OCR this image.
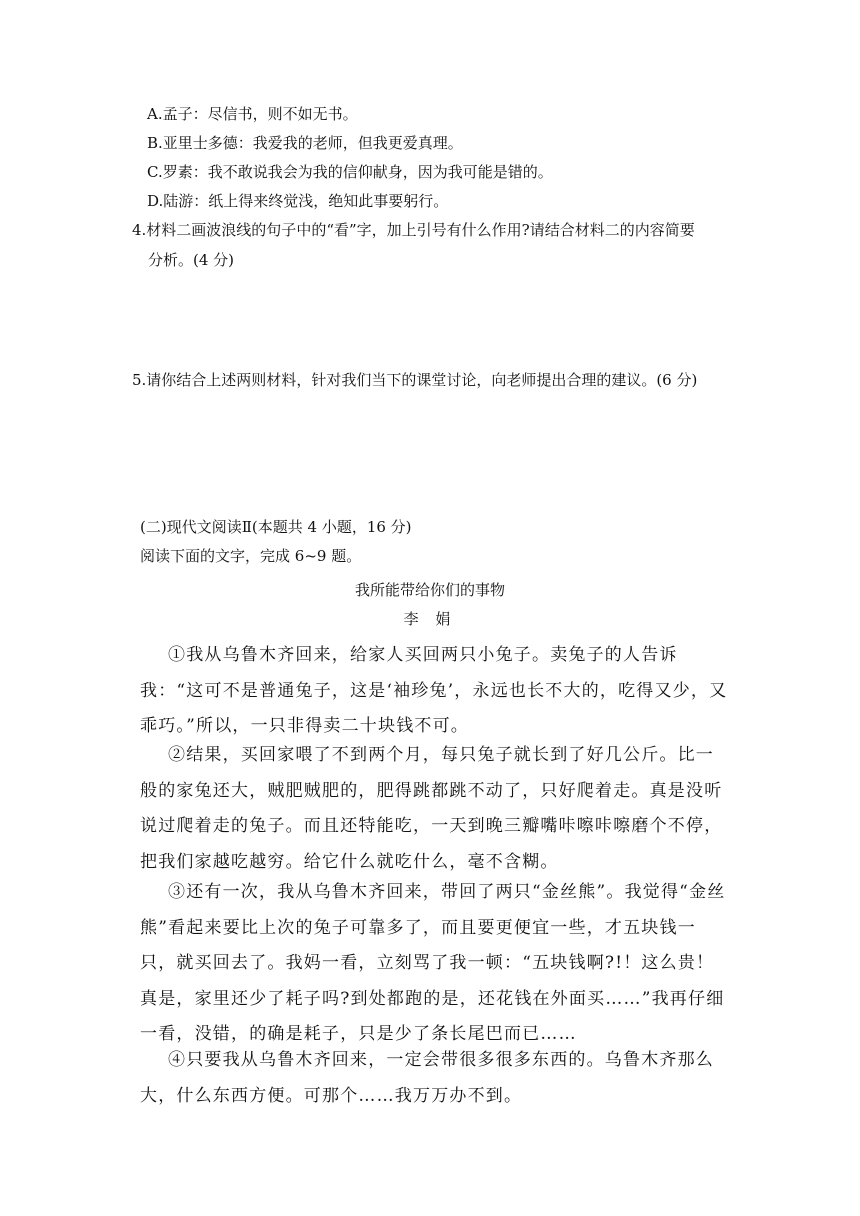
A.孟子：尽信书，则不如无书。
B.亚里士多德：我爱我的老师，但我更爱真理。
C.罗素：我不敢说我会为我的信仰献身，因为我可能是错的。
D.陆游：纸上得来终觉浅，绝知此事要躬行。
4.材料二画波浪线的句子中的“看”字，加上引号有什么作用?请结合材料二的内容简要
分析。(4 分)
5.请你结合上述两则材料，针对我们当下的课堂讨论，向老师提出合理的建议。(6 分)
(二)现代文阅读Ⅱ(本题共 4 小题，16 分)
阅读下面的文字，完成 6~9 题。
我所能带给你们的事物
李 娟

①我从乌鲁木齐回来，给家人买回两只小兔子。卖兔子的人告诉我：“这可不是普通兔子，这是‘袖珍兔’，永远也长不大的，吃得又少，又乖巧。”所以，一只非得卖二十块钱不可。

②结果，买回家喂了不到两个月，每只兔子就长到了好几公斤。比一般的家兔还大，贼肥贼肥的，肥得跳都跳不动了，只好爬着走。真是没听说过爬着走的兔子。而且还特能吃，一天到晚三瓣嘴咔嚓咔嚓磨个不停，把我们家越吃越穷。给它什么就吃什么，毫不含糊。

③还有一次，我从乌鲁木齐回来，带回了两只“金丝熊”。我觉得“金丝熊”看起来要比上次的兔子可靠多了，而且要更便宜一些，才五块钱一只，就买回去了。我妈一看，立刻骂了我一顿：“五块钱啊?!！这么贵！真是，家里还少了耗子吗?到处都跑的是，还花钱在外面买……”我再仔细一看，没错，的确是耗子，只是少了条长尾巴而已……

④只要我从乌鲁木齐回来，一定会带很多很多东西的。乌鲁木齐那么大，什么东西方便。可那个……我万万办不到。
